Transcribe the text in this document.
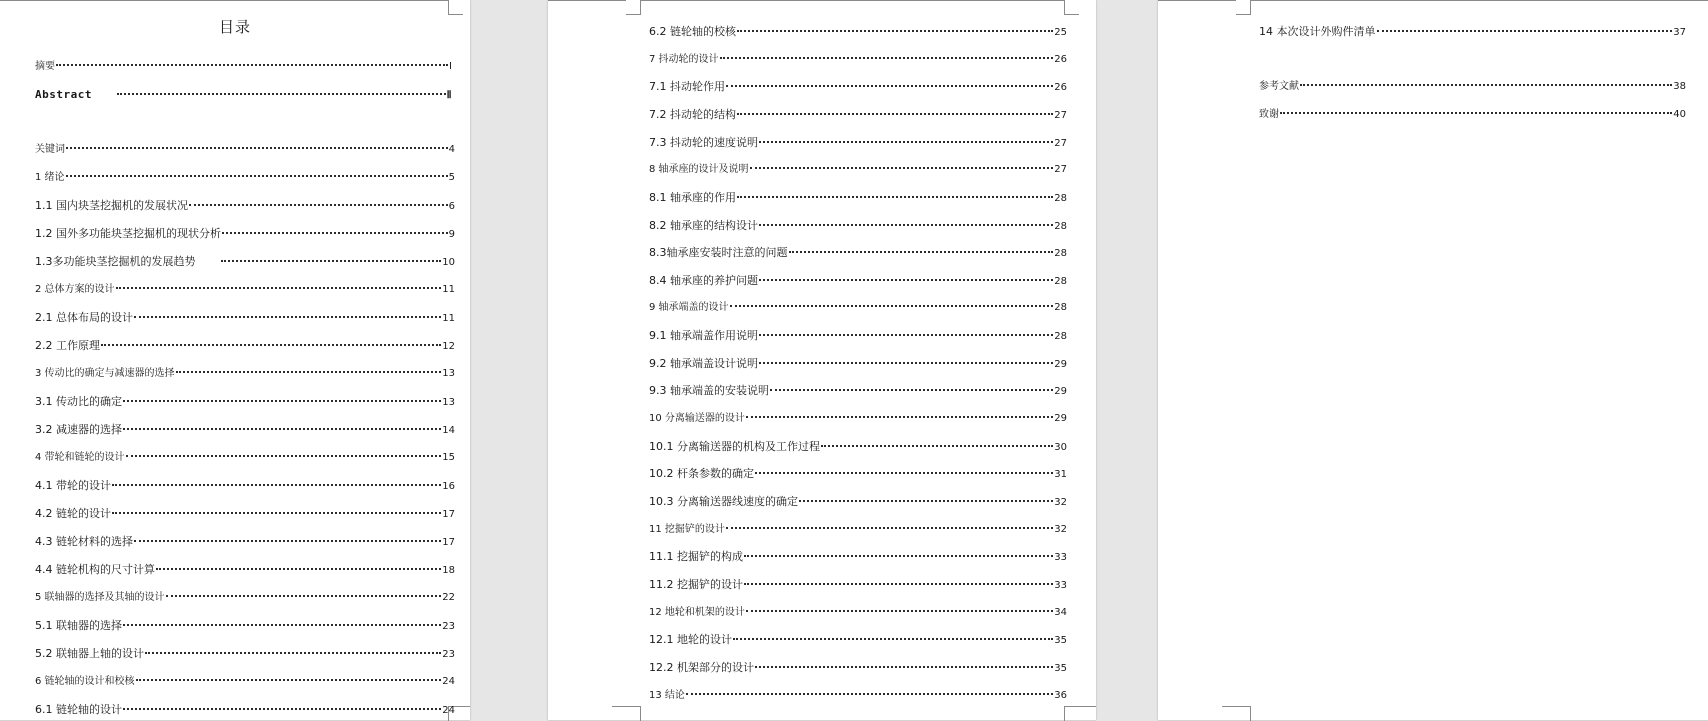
目录
摘要	I
Abstract	Ⅱ
关键词	4
1 绪论	5
1.1 国内块茎挖掘机的发展状况	6
1.2 国外多功能块茎挖掘机的现状分析	9
1.3多功能块茎挖掘机的发展趋势	10
2 总体方案的设计	11
2.1 总体布局的设计	11
2.2 工作原理	12
3 传动比的确定与减速器的选择	13
3.1 传动比的确定	13
3.2 减速器的选择	14
4 带轮和链轮的设计	15
4.1 带轮的设计	16
4.2 链轮的设计	17
4.3 链轮材料的选择	17
4.4 链轮机构的尺寸计算	18
5 联轴器的选择及其轴的设计	22
5.1 联轴器的选择	23
5.2 联轴器上轴的设计	23
6 链轮轴的设计和校核	24
6.1 链轮轴的设计	24
6.2 链轮轴的校核	25
7 抖动轮的设计	26
7.1 抖动轮作用	26
7.2 抖动轮的结构	27
7.3 抖动轮的速度说明	27
8 轴承座的设计及说明	27
8.1 轴承座的作用	28
8.2 轴承座的结构设计	28
8.3轴承座安装时注意的问题	28
8.4 轴承座的养护问题	28
9 轴承端盖的设计	28
9.1 轴承端盖作用说明	28
9.2 轴承端盖设计说明	29
9.3 轴承端盖的安装说明	29
10 分离输送器的设计	29
10.1 分离输送器的机构及工作过程	30
10.2 杆条参数的确定	31
10.3 分离输送器线速度的确定	32
11 挖掘铲的设计	32
11.1 挖掘铲的构成	33
11.2 挖掘铲的设计	33
12 地轮和机架的设计	34
12.1 地轮的设计	35
12.2 机架部分的设计	35
13 结论	36
14 本次设计外购件清单	37
参考文献	38
致谢	40
